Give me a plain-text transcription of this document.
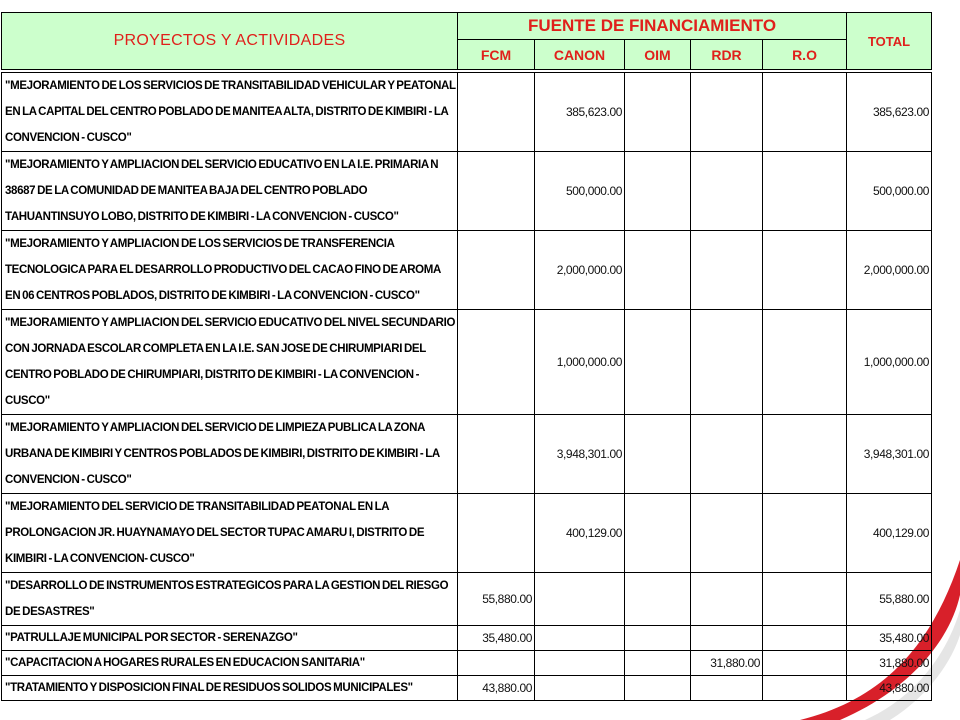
PROYECTOS Y ACTIVIDADES	FUENTE DE FINANCIAMIENTO					TOTAL
	FCM	CANON	OIM	RDR	R.O	
"MEJORAMIENTO DE LOS SERVICIOS DE TRANSITABILIDAD VEHICULAR Y PEATONAL EN LA CAPITAL DEL CENTRO POBLADO DE MANITEA ALTA, DISTRITO DE KIMBIRI - LA CONVENCION - CUSCO"		385,623.00				385,623.00
"MEJORAMIENTO Y AMPLIACION DEL SERVICIO EDUCATIVO EN LA I.E. PRIMARIA N 38687 DE LA COMUNIDAD DE MANITEA BAJA DEL CENTRO POBLADO TAHUANTINSUYO LOBO, DISTRITO DE KIMBIRI - LA CONVENCION - CUSCO"		500,000.00				500,000.00
"MEJORAMIENTO Y AMPLIACION DE LOS SERVICIOS DE TRANSFERENCIA TECNOLOGICA PARA EL DESARROLLO PRODUCTIVO DEL CACAO FINO DE AROMA EN 06 CENTROS POBLADOS, DISTRITO DE KIMBIRI - LA CONVENCION - CUSCO"		2,000,000.00				2,000,000.00
"MEJORAMIENTO Y AMPLIACION DEL SERVICIO EDUCATIVO DEL NIVEL SECUNDARIO CON JORNADA ESCOLAR COMPLETA EN LA I.E. SAN JOSE DE CHIRUMPIARI DEL CENTRO POBLADO DE CHIRUMPIARI, DISTRITO DE KIMBIRI - LA CONVENCION - CUSCO"		1,000,000.00				1,000,000.00
"MEJORAMIENTO Y AMPLIACION DEL SERVICIO DE LIMPIEZA PUBLICA LA ZONA URBANA DE KIMBIRI Y CENTROS POBLADOS DE KIMBIRI, DISTRITO DE KIMBIRI - LA CONVENCION - CUSCO"		3,948,301.00				3,948,301.00
"MEJORAMIENTO DEL SERVICIO DE TRANSITABILIDAD PEATONAL EN LA PROLONGACION JR. HUAYNAMAYO DEL SECTOR TUPAC AMARU I, DISTRITO DE KIMBIRI - LA CONVENCION- CUSCO"		400,129.00				400,129.00
"DESARROLLO DE INSTRUMENTOS ESTRATEGICOS PARA LA GESTION DEL RIESGO DE DESASTRES"	55,880.00					55,880.00
"PATRULLAJE MUNICIPAL POR SECTOR - SERENAZGO"	35,480.00					35,480.00
"CAPACITACION A HOGARES RURALES EN EDUCACION SANITARIA"				31,880.00		31,880.00
"TRATAMIENTO Y DISPOSICION FINAL DE RESIDUOS SOLIDOS MUNICIPALES"	43,880.00					43,880.00
